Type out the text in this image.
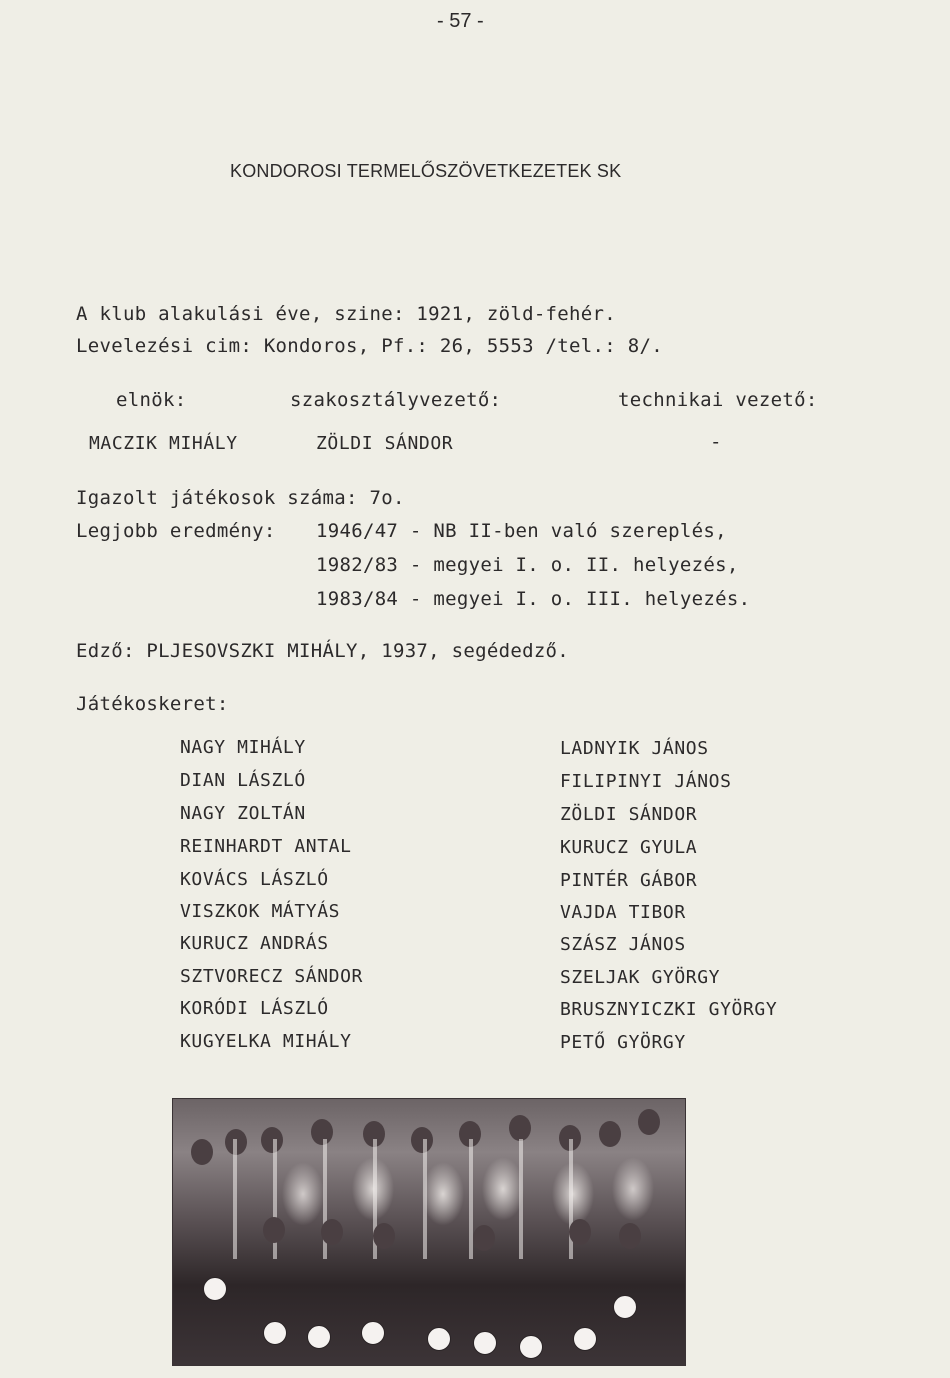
- 57 -
KONDOROSI TERMELŐSZÖVETKEZETEK SK
A klub alakulási éve, szine: 1921, zöld-fehér.
Levelezési cim: Kondoros, Pf.: 26, 5553 /tel.: 8/.
elnök:	szakosztályvezető:	technikai vezető:
MACZIK MIHÁLY	ZÖLDI SÁNDOR	-
Igazolt játékosok száma: 7o.
Legjobb eredmény: 1946/47 - NB II-ben való szereplés,
1982/83 - megyei I. o. II. helyezés,
1983/84 - megyei I. o. III. helyezés.
Edző: PLJESOVSZKI MIHÁLY, 1937, segédedző.
Játékoskeret:
NAGY MIHÁLY
DIAN LÁSZLÓ
NAGY ZOLTÁN
REINHARDT ANTAL
KOVÁCS LÁSZLÓ
VISZKOK MÁTYÁS
KURUCZ ANDRÁS
SZTVORECZ SÁNDOR
KORÓDI LÁSZLÓ
KUGYELKA MIHÁLY
LADNYIK JÁNOS
FILIPINYI JÁNOS
ZÖLDI SÁNDOR
KURUCZ GYULA
PINTÉR GÁBOR
VAJDA TIBOR
SZÁSZ JÁNOS
SZELJAK GYÖRGY
BRUSZNYICZKI GYÖRGY
PETŐ GYÖRGY
